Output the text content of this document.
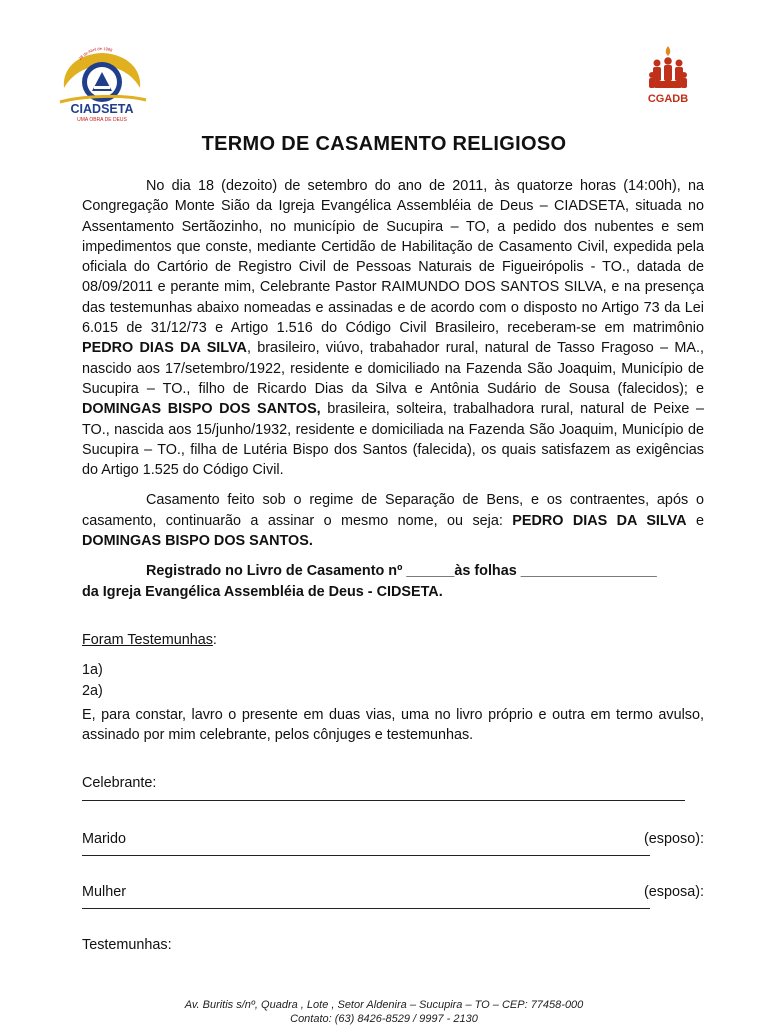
28 de Abril de 1998
CIADSETA
UMA OBRA DE DEUS
CGADB
TERMO DE CASAMENTO RELIGIOSO

No dia 18 (dezoito) de setembro do ano de 2011, às quatorze horas (14:00h), na Congregação Monte Sião da Igreja Evangélica Assembléia de Deus – CIADSETA, situada no Assentamento Sertãozinho, no município de Sucupira – TO, a pedido dos nubentes e sem impedimentos que conste, mediante Certidão de Habilitação de Casamento Civil, expedida pela oficiala do Cartório de Registro Civil de Pessoas Naturais de Figueirópolis - TO., datada de 08/09/2011 e perante mim, Celebrante Pastor RAIMUNDO DOS SANTOS SILVA, e na presença das testemunhas abaixo nomeadas e assinadas e de acordo com o disposto no Artigo 73 da Lei 6.015 de 31/12/73 e Artigo 1.516 do Código Civil Brasileiro, receberam-se em matrimônio PEDRO DIAS DA SILVA, brasileiro, viúvo, trabahador rural, natural de Tasso Fragoso – MA., nascido aos 17/setembro/1922, residente e domiciliado na Fazenda São Joaquim, Município de Sucupira – TO., filho de Ricardo Dias da Silva e Antônia Sudário de Sousa (falecidos); e DOMINGAS BISPO DOS SANTOS, brasileira, solteira, trabalhadora rural, natural de Peixe – TO., nascida aos 15/junho/1932, residente e domiciliada na Fazenda São Joaquim, Município de Sucupira – TO., filha de Lutéria Bispo dos Santos (falecida), os quais satisfazem as exigências do Artigo 1.525 do Código Civil.

Casamento feito sob o regime de Separação de Bens, e os contraentes, após o casamento, continuarão a assinar o mesmo nome, ou seja: PEDRO DIAS DA SILVA e DOMINGAS BISPO DOS SANTOS.

Registrado no Livro de Casamento nº ______às folhas _________________
da Igreja Evangélica Assembléia de Deus - CIDSETA.

Foram Testemunhas:

1a)

2a)

E, para constar, lavro o presente em duas vias, uma no livro próprio e outra em termo avulso, assinado por mim celebrante, pelos cônjuges e testemunhas.

Celebrante:

Marido	(esposo):
Mulher	(esposa):

Testemunhas:

Av. Buritis s/nº, Quadra , Lote , Setor Aldenira – Sucupira – TO – CEP: 77458-000
Contato: (63) 8426-8529 / 9997 - 2130
